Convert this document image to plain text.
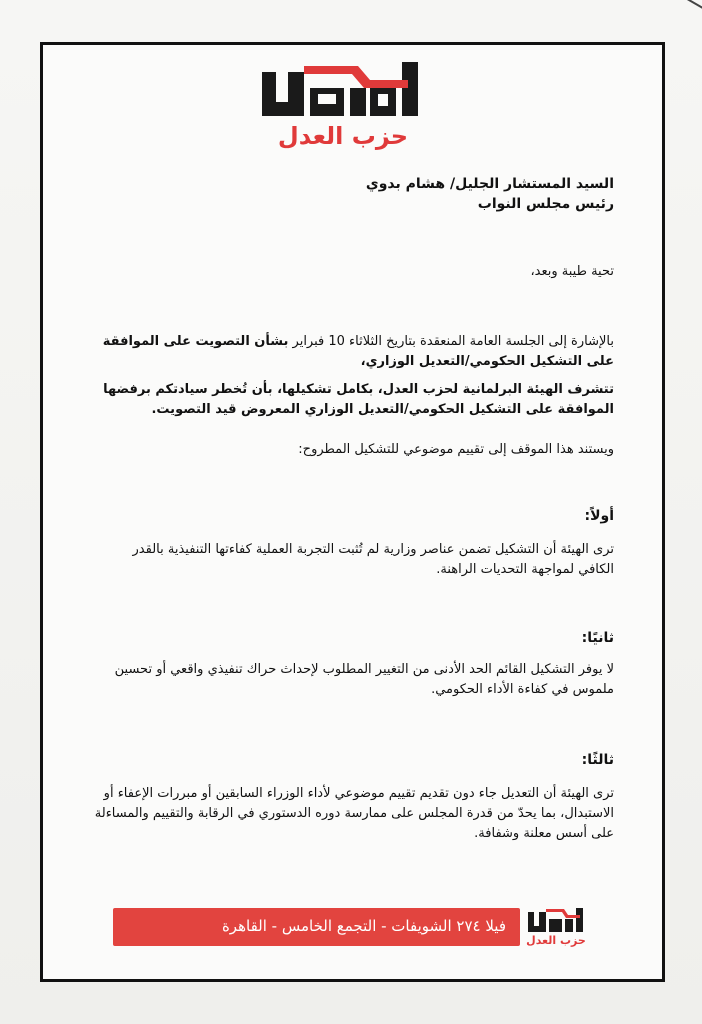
حزب العدل
السيد المستشار الجليل/ هشام بدوي
رئيس مجلس النواب
تحية طيبة وبعد،
بالإشارة إلى الجلسة العامة المنعقدة بتاريخ الثلاثاء 10 فبراير بشأن التصويت على الموافقة على التشكيل الحكومي/التعديل الوزاري،
تتشرف الهيئة البرلمانية لحزب العدل، بكامل تشكيلها، بأن تُخطر سيادتكم برفضها الموافقة على التشكيل الحكومي/التعديل الوزاري المعروض قيد التصويت.
ويستند هذا الموقف إلى تقييم موضوعي للتشكيل المطروح:
أولاً:
ترى الهيئة أن التشكيل تضمن عناصر وزارية لم تُثبت التجربة العملية كفاءتها التنفيذية بالقدر الكافي لمواجهة التحديات الراهنة.
ثانيًا:
لا يوفر التشكيل القائم الحد الأدنى من التغيير المطلوب لإحداث حراك تنفيذي واقعي أو تحسين ملموس في كفاءة الأداء الحكومي.
ثالثًا:
ترى الهيئة أن التعديل جاء دون تقديم تقييم موضوعي لأداء الوزراء السابقين أو مبررات الإعفاء أو الاستبدال، بما يحدّ من قدرة المجلس على ممارسة دوره الدستوري في الرقابة والتقييم والمساءلة على أسس معلنة وشفافة.
فيلا ٢٧٤ الشويفات - التجمع الخامس - القاهرة
حزب العدل
